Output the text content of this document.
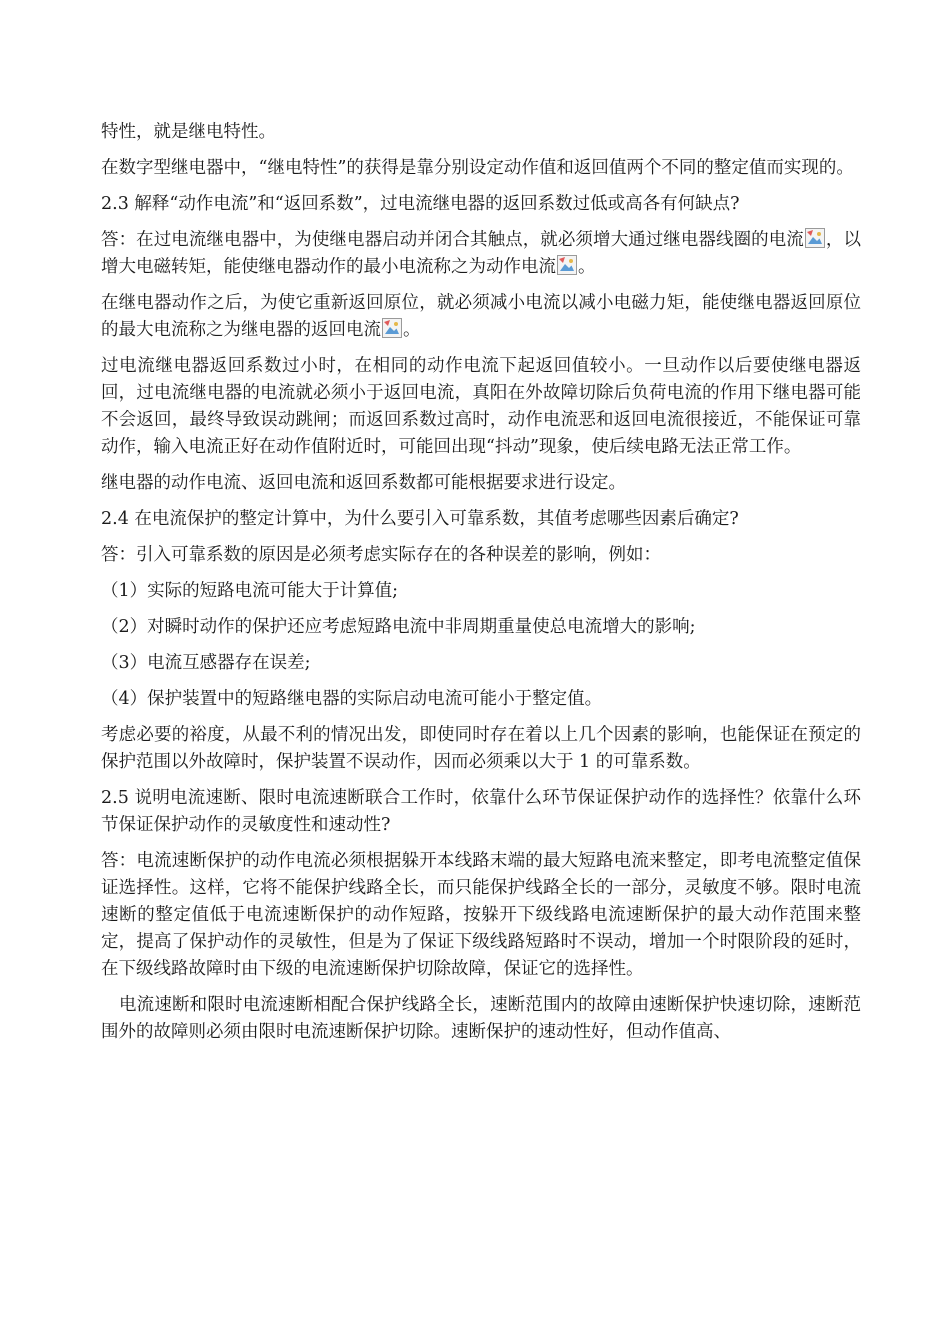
特性，就是继电特性。

在数字型继电器中，“继电特性”的获得是靠分别设定动作值和返回值两个不同的整定值而实现的。

2.3 解释“动作电流”和“返回系数”，过电流继电器的返回系数过低或高各有何缺点?

答：在过电流继电器中，为使继电器启动并闭合其触点，就必须增大通过继电器线圈的电流 ，以增大电磁转矩，能使继电器动作的最小电流称之为动作电流 。

在继电器动作之后，为使它重新返回原位，就必须减小电流以减小电磁力矩，能使继电器返回原位的最大电流称之为继电器的返回电流 。

过电流继电器返回系数过小时，在相同的动作电流下起返回值较小。一旦动作以后要使继电器返回，过电流继电器的电流就必须小于返回电流，真阳在外故障切除后负荷电流的作用下继电器可能不会返回，最终导致误动跳闸；而返回系数过高时，动作电流恶和返回电流很接近，不能保证可靠动作，输入电流正好在动作值附近时，可能回出现“抖动”现象，使后续电路无法正常工作。

继电器的动作电流、返回电流和返回系数都可能根据要求进行设定。

2.4 在电流保护的整定计算中，为什么要引入可靠系数，其值考虑哪些因素后确定?

答：引入可靠系数的原因是必须考虑实际存在的各种误差的影响，例如：

（1）实际的短路电流可能大于计算值;

（2）对瞬时动作的保护还应考虑短路电流中非周期重量使总电流增大的影响;

（3）电流互感器存在误差;

（4）保护装置中的短路继电器的实际启动电流可能小于整定值。

考虑必要的裕度，从最不利的情况出发，即使同时存在着以上几个因素的影响，也能保证在预定的保护范围以外故障时，保护装置不误动作，因而必须乘以大于 1 的可靠系数。

2.5 说明电流速断、限时电流速断联合工作时，依靠什么环节保证保护动作的选择性？依靠什么环节保证保护动作的灵敏度性和速动性?

答：电流速断保护的动作电流必须根据躲开本线路末端的最大短路电流来整定，即考电流整定值保证选择性。这样，它将不能保护线路全长，而只能保护线路全长的一部分，灵敏度不够。限时电流速断的整定值低于电流速断保护的动作短路，按躲开下级线路电流速断保护的最大动作范围来整定，提高了保护动作的灵敏性，但是为了保证下级线路短路时不误动，增加一个时限阶段的延时，在下级线路故障时由下级的电流速断保护切除故障，保证它的选择性。

电流速断和限时电流速断相配合保护线路全长，速断范围内的故障由速断保护快速切除，速断范围外的故障则必须由限时电流速断保护切除。速断保护的速动性好，但动作值高、
